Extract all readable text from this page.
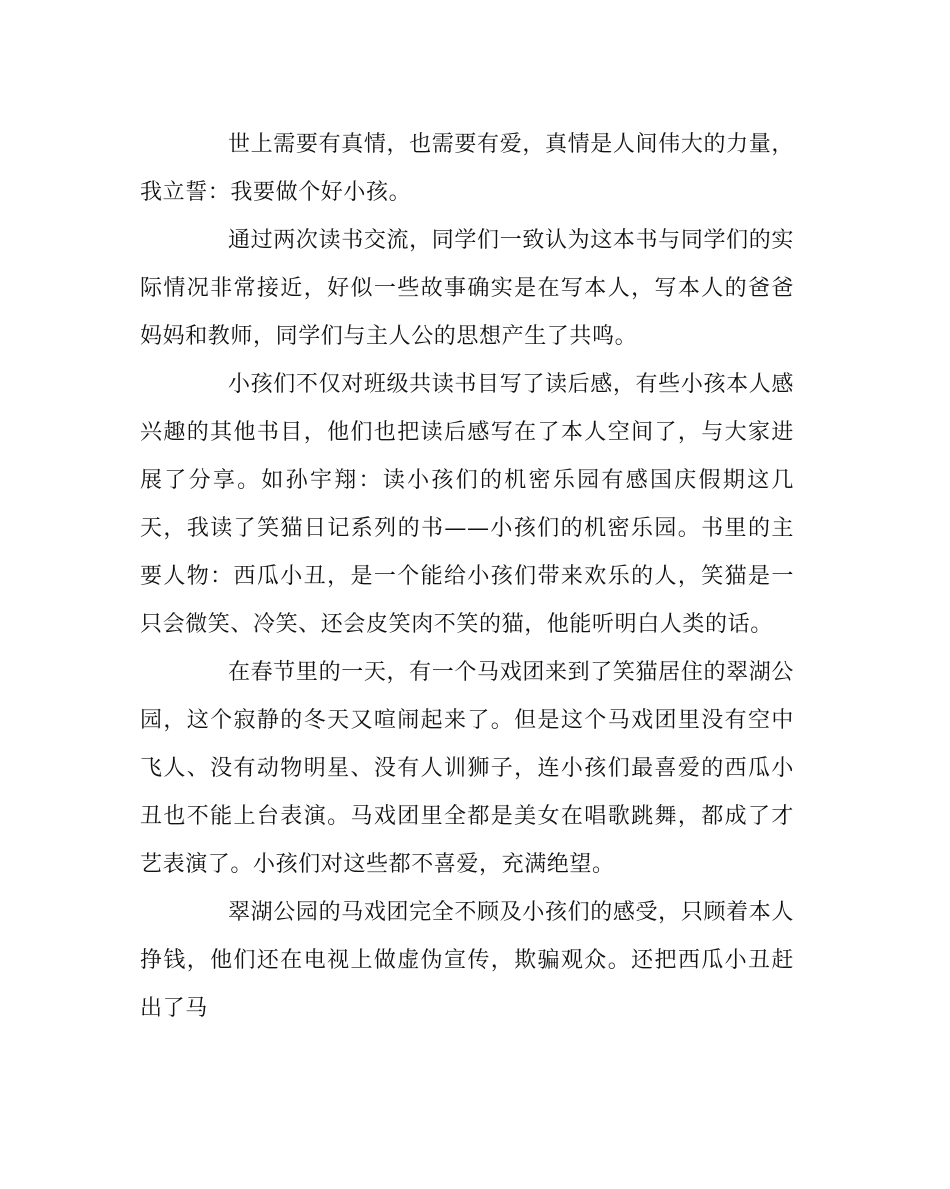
世上需要有真情，也需要有爱，真情是人间伟大的力量，我立誓：我要做个好小孩。

通过两次读书交流，同学们一致认为这本书与同学们的实际情况非常接近，好似一些故事确实是在写本人，写本人的爸爸妈妈和教师，同学们与主人公的思想产生了共鸣。

小孩们不仅对班级共读书目写了读后感，有些小孩本人感兴趣的其他书目，他们也把读后感写在了本人空间了，与大家进展了分享。如孙宇翔：读小孩们的机密乐园有感国庆假期这几天，我读了笑猫日记系列的书——小孩们的机密乐园。书里的主要人物：西瓜小丑，是一个能给小孩们带来欢乐的人，笑猫是一只会微笑、冷笑、还会皮笑肉不笑的猫，他能听明白人类的话。

在春节里的一天，有一个马戏团来到了笑猫居住的翠湖公园，这个寂静的冬天又喧闹起来了。但是这个马戏团里没有空中飞人、没有动物明星、没有人训狮子，连小孩们最喜爱的西瓜小丑也不能上台表演。马戏团里全都是美女在唱歌跳舞，都成了才艺表演了。小孩们对这些都不喜爱，充满绝望。

翠湖公园的马戏团完全不顾及小孩们的感受，只顾着本人挣钱，他们还在电视上做虚伪宣传，欺骗观众。还把西瓜小丑赶出了马
